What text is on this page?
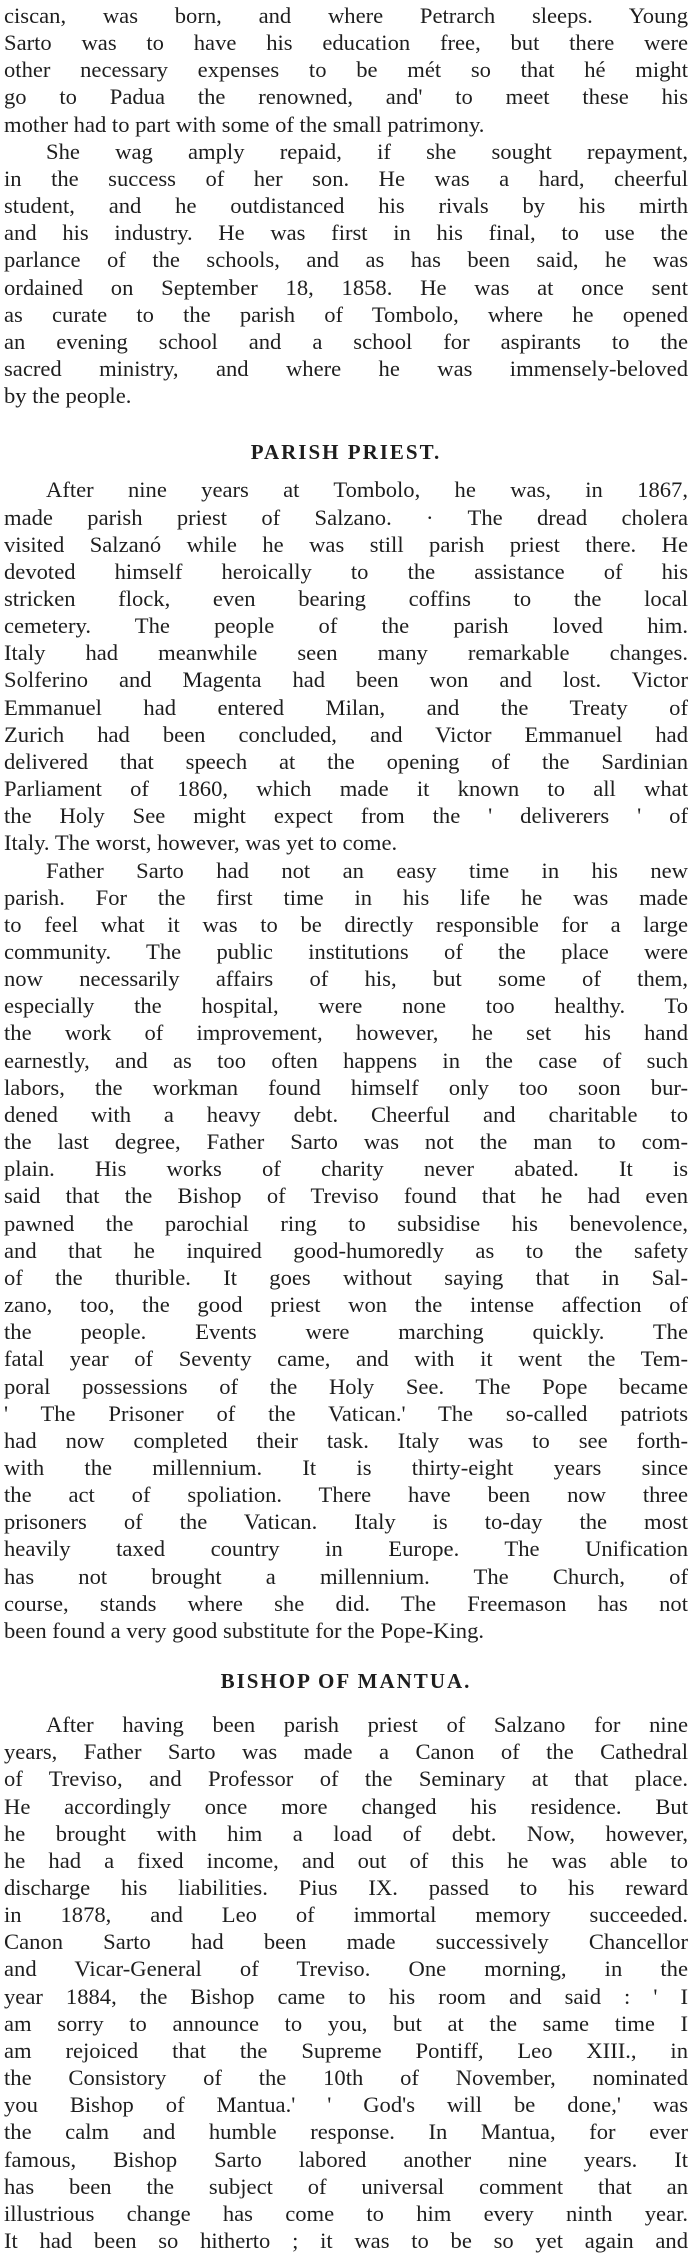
ciscan, was born, and where Petrarch sleeps. Young
Sarto was to have his education free, but there were
other necessary expenses to be mét so that hé might
go to Padua the renowned, and' to meet these his
mother had to part with some of the small patrimony.

She wag amply repaid, if she sought repayment,
in the success of her son. He was a hard, cheerful
student, and he outdistanced his rivals by his mirth
and his industry. He was first in his final, to use the
parlance of the schools, and as has been said, he was
ordained on September 18, 1858. He was at once sent
as curate to the parish of Tombolo, where he opened
an evening school and a school for aspirants to the
sacred ministry, and where he was immensely-beloved
by the people.

PARISH PRIEST.

After nine years at Tombolo, he was, in 1867,
made parish priest of Salzano. · The dread cholera
visited Salzanó while he was still parish priest there. He
devoted himself heroically to the assistance of his
stricken flock, even bearing coffins to the local
cemetery. The people of the parish loved him.
Italy had meanwhile seen many remarkable changes.
Solferino and Magenta had been won and lost. Victor
Emmanuel had entered Milan, and the Treaty of
Zurich had been concluded, and Victor Emmanuel had
delivered that speech at the opening of the Sardinian
Parliament of 1860, which made it known to all what
the Holy See might expect from the ' deliverers ' of
Italy. The worst, however, was yet to come.

Father Sarto had not an easy time in his new
parish. For the first time in his life he was made
to feel what it was to be directly responsible for a large
community. The public institutions of the place were
now necessarily affairs of his, but some of them,
especially the hospital, were none too healthy. To
the work of improvement, however, he set his hand
earnestly, and as too often happens in the case of such
labors, the workman found himself only too soon bur-
dened with a heavy debt. Cheerful and charitable to
the last degree, Father Sarto was not the man to com-
plain. His works of charity never abated. It is
said that the Bishop of Treviso found that he had even
pawned the parochial ring to subsidise his benevolence,
and that he inquired good-humoredly as to the safety
of the thurible. It goes without saying that in Sal-
zano, too, the good priest won the intense affection of
the people. Events were marching quickly. The
fatal year of Seventy came, and with it went the Tem-
poral possessions of the Holy See. The Pope became
' The Prisoner of the Vatican.' The so-called patriots
had now completed their task. Italy was to see forth-
with the millennium. It is thirty-eight years since
the act of spoliation. There have been now three
prisoners of the Vatican. Italy is to-day the most
heavily taxed country in Europe. The Unification
has not brought a millennium. The Church, of
course, stands where she did. The Freemason has not
been found a very good substitute for the Pope-King.

BISHOP OF MANTUA.

After having been parish priest of Salzano for nine
years, Father Sarto was made a Canon of the Cathedral
of Treviso, and Professor of the Seminary at that place.
He accordingly once more changed his residence. But
he brought with him a load of debt. Now, however,
he had a fixed income, and out of this he was able to
discharge his liabilities. Pius IX. passed to his reward
in 1878, and Leo of immortal memory succeeded.
Canon Sarto had been made successively Chancellor
and Vicar-General of Treviso. One morning, in the
year 1884, the Bishop came to his room and said : ' I
am sorry to announce to you, but at the same time I
am rejoiced that the Supreme Pontiff, Leo XIII., in
the Consistory of the 10th of November, nominated
you Bishop of Mantua.' ' God's will be done,' was
the calm and humble response. In Mantua, for ever
famous, Bishop Sarto labored another nine years. It
has been the subject of universal comment that an
illustrious change has come to him every ninth year.
It had been so hitherto ; it was to be so yet again and
